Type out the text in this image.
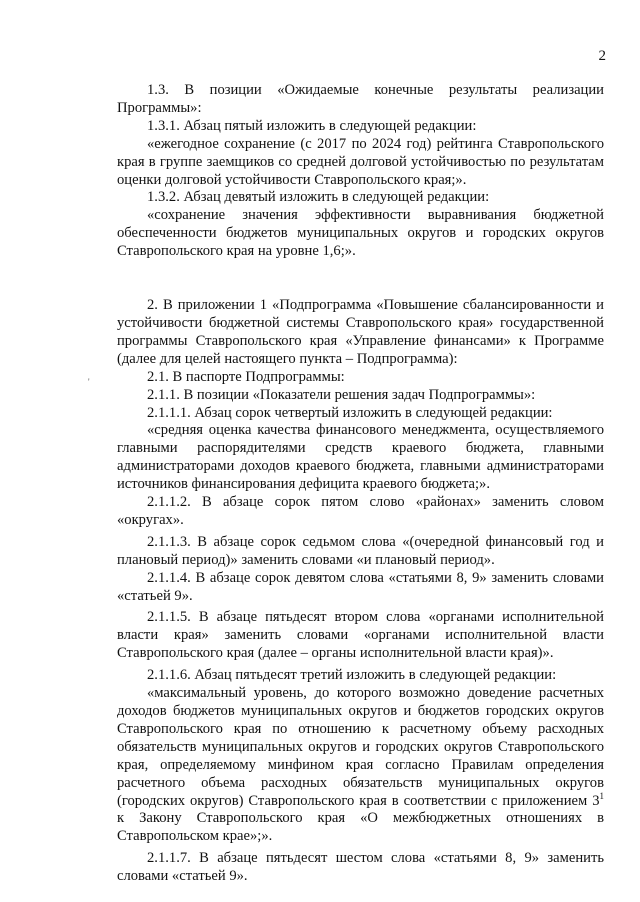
2
'

1.3. В позиции «Ожидаемые конечные результаты реализации Программы»:

1.3.1. Абзац пятый изложить в следующей редакции:

«ежегодное сохранение (с 2017 по 2024 год) рейтинга Ставропольского края в группе заемщиков со средней долговой устойчивостью по результатам оценки долговой устойчивости Ставропольского края;».

1.3.2. Абзац девятый изложить в следующей редакции:

«сохранение значения эффективности выравнивания бюджетной обеспеченности бюджетов муниципальных округов и городских округов Ставропольского края на уровне 1,6;».

2. В приложении 1 «Подпрограмма «Повышение сбалансированности и устойчивости бюджетной системы Ставропольского края» государственной программы Ставропольского края «Управление финансами» к Программе (далее для целей настоящего пункта – Подпрограмма):

2.1. В паспорте Подпрограммы:

2.1.1. В позиции «Показатели решения задач Подпрограммы»:

2.1.1.1. Абзац сорок четвертый изложить в следующей редакции:

«средняя оценка качества финансового менеджмента, осуществляемого главными распорядителями средств краевого бюджета, главными администраторами доходов краевого бюджета, главными администраторами источников финансирования дефицита краевого бюджета;».

2.1.1.2. В абзаце сорок пятом слово «районах» заменить словом «округах».

2.1.1.3. В абзаце сорок седьмом слова «(очередной финансовый год и плановый период)» заменить словами «и плановый период».

2.1.1.4. В абзаце сорок девятом слова «статьями 8, 9» заменить словами «статьей 9».

2.1.1.5. В абзаце пятьдесят втором слова «органами исполнительной власти края» заменить словами «органами исполнительной власти Ставропольского края (далее – органы исполнительной власти края)».

2.1.1.6. Абзац пятьдесят третий изложить в следующей редакции:

«максимальный уровень, до которого возможно доведение расчетных доходов бюджетов муниципальных округов и бюджетов городских округов Ставропольского края по отношению к расчетному объему расходных обязательств муниципальных округов и городских округов Ставропольского края, определяемому минфином края согласно Правилам определения расчетного объема расходных обязательств муниципальных округов (городских округов) Ставропольского края в соответствии с приложением $3^1$ к Закону Ставропольского края «О межбюджетных отношениях в Ставропольском крае»;».

2.1.1.7. В абзаце пятьдесят шестом слова «статьями 8, 9» заменить словами «статьей 9».
